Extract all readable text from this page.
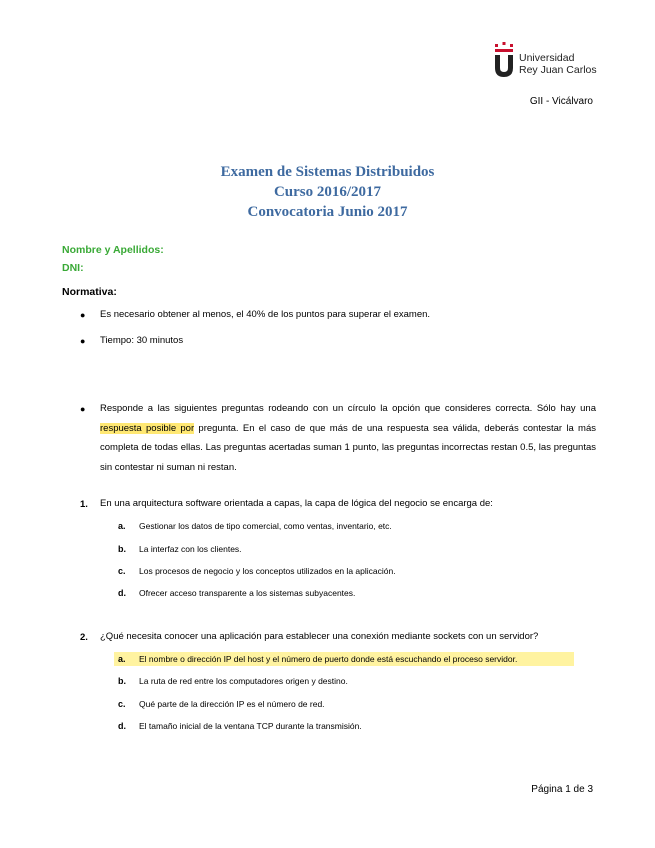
Universidad
Rey Juan Carlos
GII - Vicálvaro
Examen de Sistemas Distribuidos
Curso 2016/2017
Convocatoria Junio 2017
Nombre y Apellidos:
DNI:
Normativa:
● Es necesario obtener al menos, el 40% de los puntos para superar el examen.
● Tiempo: 30 minutos
● Responde a las siguientes preguntas rodeando con un círculo la opción que consideres correcta. Sólo hay una respuesta posible por pregunta. En el caso de que más de una respuesta sea válida, deberás contestar la más completa de todas ellas. Las preguntas acertadas suman 1 punto, las preguntas incorrectas restan 0.5, las preguntas sin contestar ni suman ni restan.
1. En una arquitectura software orientada a capas, la capa de lógica del negocio se encarga de:
a. Gestionar los datos de tipo comercial, como ventas, inventario, etc.
b. La interfaz con los clientes.
c. Los procesos de negocio y los conceptos utilizados en la aplicación.
d. Ofrecer acceso transparente a los sistemas subyacentes.
2. ¿Qué necesita conocer una aplicación para establecer una conexión mediante sockets con un servidor?
a. El nombre o dirección IP del host y el número de puerto donde está escuchando el proceso servidor.
b. La ruta de red entre los computadores origen y destino.
c. Qué parte de la dirección IP es el número de red.
d. El tamaño inicial de la ventana TCP durante la transmisión.
Página 1 de 3
